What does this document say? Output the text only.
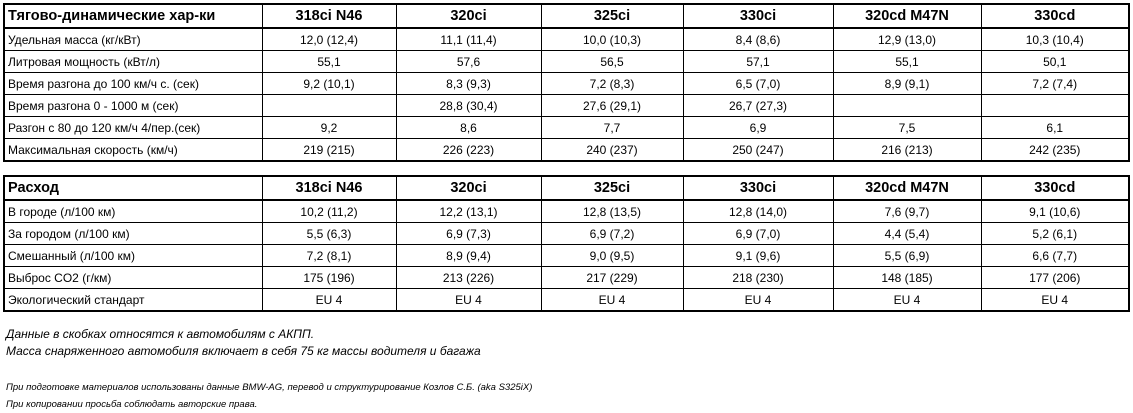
Тягово-динамические хар-ки	318ci N46	320ci	325ci	330ci	320cd M47N	330cd
Удельная масса (кг/кВт)	12,0 (12,4)	11,1 (11,4)	10,0 (10,3)	8,4 (8,6)	12,9 (13,0)	10,3 (10,4)
Литровая мощность (кВт/л)	55,1	57,6	56,5	57,1	55,1	50,1
Время разгона до 100 км/ч с. (сек)	9,2 (10,1)	8,3 (9,3)	7,2 (8,3)	6,5 (7,0)	8,9 (9,1)	7,2 (7,4)
Время разгона 0 - 1000 м (сек)		28,8 (30,4)	27,6 (29,1)	26,7 (27,3)		
Разгон с 80 до 120 км/ч 4/пер.(сек)	9,2	8,6	7,7	6,9	7,5	6,1
Максимальная скорость (км/ч)	219 (215)	226 (223)	240 (237)	250 (247)	216 (213)	242 (235)
Расход	318ci N46	320ci	325ci	330ci	320cd M47N	330cd
В городе (л/100 км)	10,2 (11,2)	12,2 (13,1)	12,8 (13,5)	12,8 (14,0)	7,6 (9,7)	9,1 (10,6)
За городом (л/100 км)	5,5 (6,3)	6,9 (7,3)	6,9 (7,2)	6,9 (7,0)	4,4 (5,4)	5,2 (6,1)
Смешанный (л/100 км)	7,2 (8,1)	8,9 (9,4)	9,0 (9,5)	9,1 (9,6)	5,5 (6,9)	6,6 (7,7)
Выброс CO2 (г/км)	175 (196)	213 (226)	217 (229)	218 (230)	148 (185)	177 (206)
Экологический стандарт	EU 4	EU 4	EU 4	EU 4	EU 4	EU 4
Данные в скобках относятся к автомобилям с АКПП.
Масса снаряженного автомобиля включает в себя 75 кг массы водителя и багажа
При подготовке материалов использованы данные BMW-AG, перевод и структурирование Козлов С.Б. (aka S325iX)
При копировании просьба соблюдать авторские права.
